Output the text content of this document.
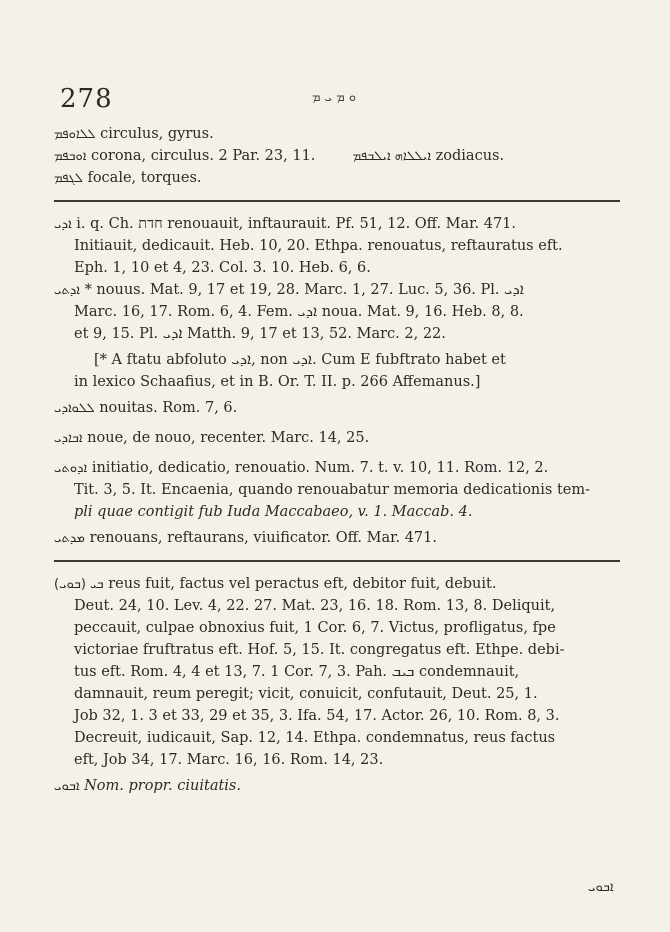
278	ܘ ܡ ܝ ܡ
ܠܠܐܘܦܡ circulus, gyrus.
ܐܘܒܦܡ corona, circulus. 2 Par. 23, 11.	ܐܝܠܠܐܗ ܐܝܠܒܦܡ zodiacus.
ܠܓܦܡ focale, torques.
ܐܕܝ i. q. Ch. חדת renouauit, inftaurauit. Pf. 51, 12. Off. Mar. 471.
Initiauit, dedicauit. Heb. 10, 20. Ethpa. renouatus, reftauratus eft.
Eph. 1, 10 et 4, 23. Col. 3. 10. Heb. 6, 6.
ܐܕܬܝ * nouus. Mat. 9, 17 et 19, 28. Marc. 1, 27. Luc. 5, 36. Pl. ܐܕܝ
Marc. 16, 17. Rom. 6, 4. Fem. ܐܕܝ noua. Mat. 9, 16. Heb. 8, 8.
et 9, 15. Pl. ܐܕܝ Matth. 9, 17 et 13, 52. Marc. 2, 22.
[* A ftatu abfoluto ܐܕܝ, non ܐܕܝ. Cum E fubftrato habet et
in lexico Schaafius, et in B. Or. T. II. p. 266 Affemanus.]
ܠܠܘܐܕܝ nouitas. Rom. 7, 6.
ܐܒܐܕܝ noue, de nouo, recenter. Marc. 14, 25.
ܐܕܘܬܝ initiatio, dedicatio, renouatio. Num. 7. t. v. 10, 11. Rom. 12, 2.
Tit. 3, 5. It. Encaenia, quando renouabatur memoria dedicationis tem-
pli quae contigit fub Iuda Maccabaeo, v. 1. Maccab. 4.
ܡܕܬܝ renouans, reftaurans, viuificator. Off. Mar. 471.
(ܒܘܝ) ܒܝ reus fuit, factus vel peractus eft, debitor fuit, debuit.
Deut. 24, 10. Lev. 4, 22. 27. Mat. 23, 16. 18. Rom. 13, 8. Deliquit,
peccauit, culpae obnoxius fuit, 1 Cor. 6, 7. Victus, profligatus, fpe
victoriae fruftratus eft. Hof. 5, 15. It. congregatus eft. Ethpe. debi-
tus eft. Rom. 4, 4 et 13, 7. 1 Cor. 7, 3. Pah. ܒܝܒ condemnauit,
damnauit, reum peregit; vicit, conuicit, confutauit, Deut. 25, 1.
Job 32, 1. 3 et 33, 29 et 35, 3. Ifa. 54, 17. Actor. 26, 10. Rom. 8, 3.
Decreuit, iudicauit, Sap. 12, 14. Ethpa. condemnatus, reus factus
eft, Job 34, 17. Marc. 16, 16. Rom. 14, 23.
ܐܒܘܝ Nom. propr. ciuitatis.
ܐܒܘܝ
